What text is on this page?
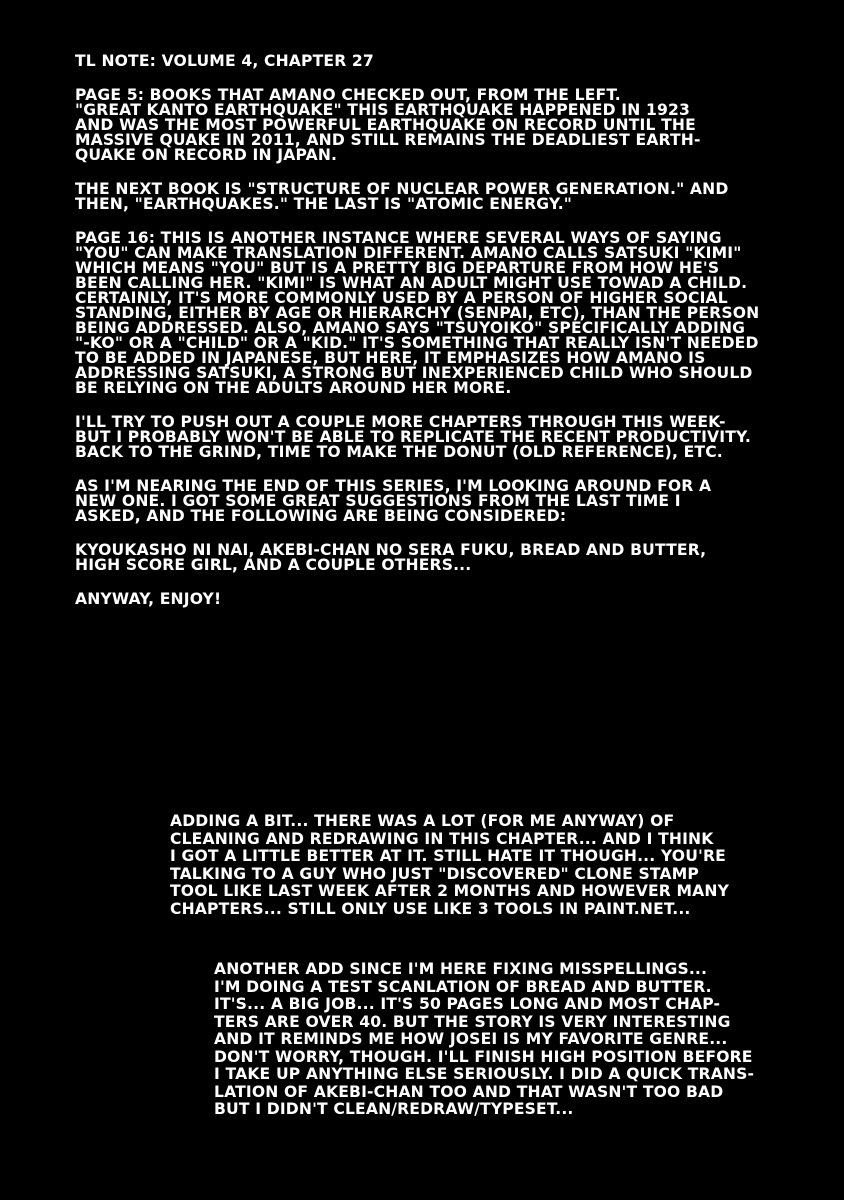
TL NOTE: VOLUME 4, CHAPTER 27
PAGE 5: BOOKS THAT AMANO CHECKED OUT, FROM THE LEFT.
"GREAT KANTO EARTHQUAKE" THIS EARTHQUAKE HAPPENED IN 1923
AND WAS THE MOST POWERFUL EARTHQUAKE ON RECORD UNTIL THE
MASSIVE QUAKE IN 2011, AND STILL REMAINS THE DEADLIEST EARTH-
QUAKE ON RECORD IN JAPAN.
THE NEXT BOOK IS "STRUCTURE OF NUCLEAR POWER GENERATION." AND
THEN, "EARTHQUAKES." THE LAST IS "ATOMIC ENERGY."
PAGE 16: THIS IS ANOTHER INSTANCE WHERE SEVERAL WAYS OF SAYING
"YOU" CAN MAKE TRANSLATION DIFFERENT. AMANO CALLS SATSUKI "KIMI"
WHICH MEANS "YOU" BUT IS A PRETTY BIG DEPARTURE FROM HOW HE'S
BEEN CALLING HER. "KIMI" IS WHAT AN ADULT MIGHT USE TOWAD A CHILD.
CERTAINLY, IT'S MORE COMMONLY USED BY A PERSON OF HIGHER SOCIAL
STANDING, EITHER BY AGE OR HIERARCHY (SENPAI, ETC), THAN THE PERSON
BEING ADDRESSED. ALSO, AMANO SAYS "TSUYOIKO" SPECIFICALLY ADDING
"-KO" OR A "CHILD" OR A "KID." IT'S SOMETHING THAT REALLY ISN'T NEEDED
TO BE ADDED IN JAPANESE, BUT HERE, IT EMPHASIZES HOW AMANO IS
ADDRESSING SATSUKI, A STRONG BUT INEXPERIENCED CHILD WHO SHOULD
BE RELYING ON THE ADULTS AROUND HER MORE.
I'LL TRY TO PUSH OUT A COUPLE MORE CHAPTERS THROUGH THIS WEEK-
BUT I PROBABLY WON'T BE ABLE TO REPLICATE THE RECENT PRODUCTIVITY.
BACK TO THE GRIND, TIME TO MAKE THE DONUT (OLD REFERENCE), ETC.
AS I'M NEARING THE END OF THIS SERIES, I'M LOOKING AROUND FOR A
NEW ONE. I GOT SOME GREAT SUGGESTIONS FROM THE LAST TIME I
ASKED, AND THE FOLLOWING ARE BEING CONSIDERED:
KYOUKASHO NI NAI, AKEBI-CHAN NO SERA FUKU, BREAD AND BUTTER,
HIGH SCORE GIRL, AND A COUPLE OTHERS...
ANYWAY, ENJOY!
ADDING A BIT... THERE WAS A LOT (FOR ME ANYWAY) OF
CLEANING AND REDRAWING IN THIS CHAPTER... AND I THINK
I GOT A LITTLE BETTER AT IT. STILL HATE IT THOUGH... YOU'RE
TALKING TO A GUY WHO JUST "DISCOVERED" CLONE STAMP
TOOL LIKE LAST WEEK AFTER 2 MONTHS AND HOWEVER MANY
CHAPTERS... STILL ONLY USE LIKE 3 TOOLS IN PAINT.NET...
ANOTHER ADD SINCE I'M HERE FIXING MISSPELLINGS...
I'M DOING A TEST SCANLATION OF BREAD AND BUTTER.
IT'S... A BIG JOB... IT'S 50 PAGES LONG AND MOST CHAP-
TERS ARE OVER 40. BUT THE STORY IS VERY INTERESTING
AND IT REMINDS ME HOW JOSEI IS MY FAVORITE GENRE...
DON'T WORRY, THOUGH. I'LL FINISH HIGH POSITION BEFORE
I TAKE UP ANYTHING ELSE SERIOUSLY. I DID A QUICK TRANS-
LATION OF AKEBI-CHAN TOO AND THAT WASN'T TOO BAD
BUT I DIDN'T CLEAN/REDRAW/TYPESET...
